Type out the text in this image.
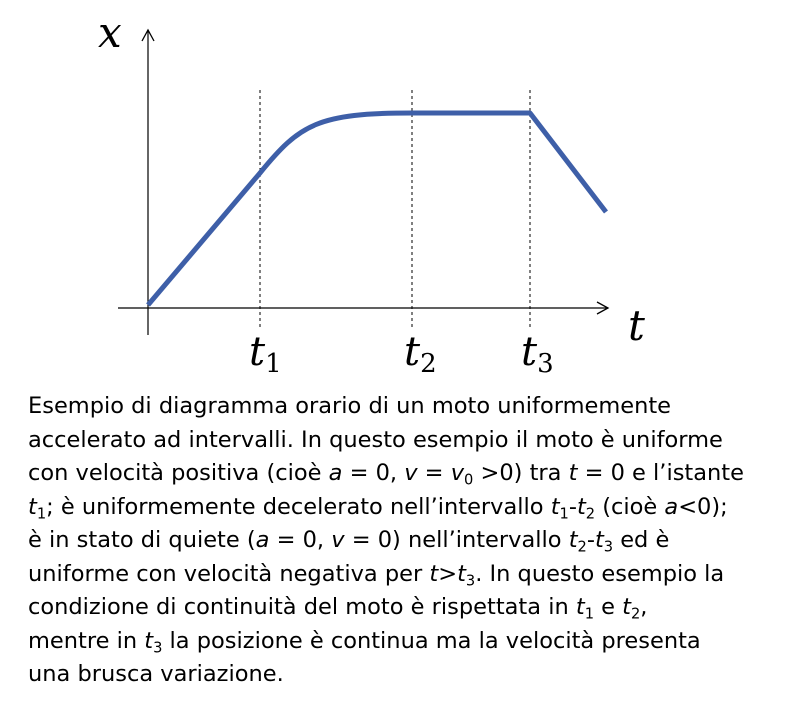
x
t
t1	t2 t3
Esempio di diagramma orario di un moto uniformemente
accelerato ad intervalli. In questo esempio il moto è uniforme
con velocità positiva (cioè a = 0, $v = v_0 >0$) tra t = 0 e l’istante
$t_1$; è uniformemente decelerato nell’intervallo $t_1-t_2$ (cioè a<0);
è in stato di quiete (a = 0, v = 0) nell’intervallo $t_2-t_3$ ed è
uniforme con velocità negativa per $t>t_3$. In questo esempio la
condizione di continuità del moto è rispettata in $t_1$ e $t_2$,
mentre in $t_3$ la posizione è continua ma la velocità presenta
una brusca variazione.
